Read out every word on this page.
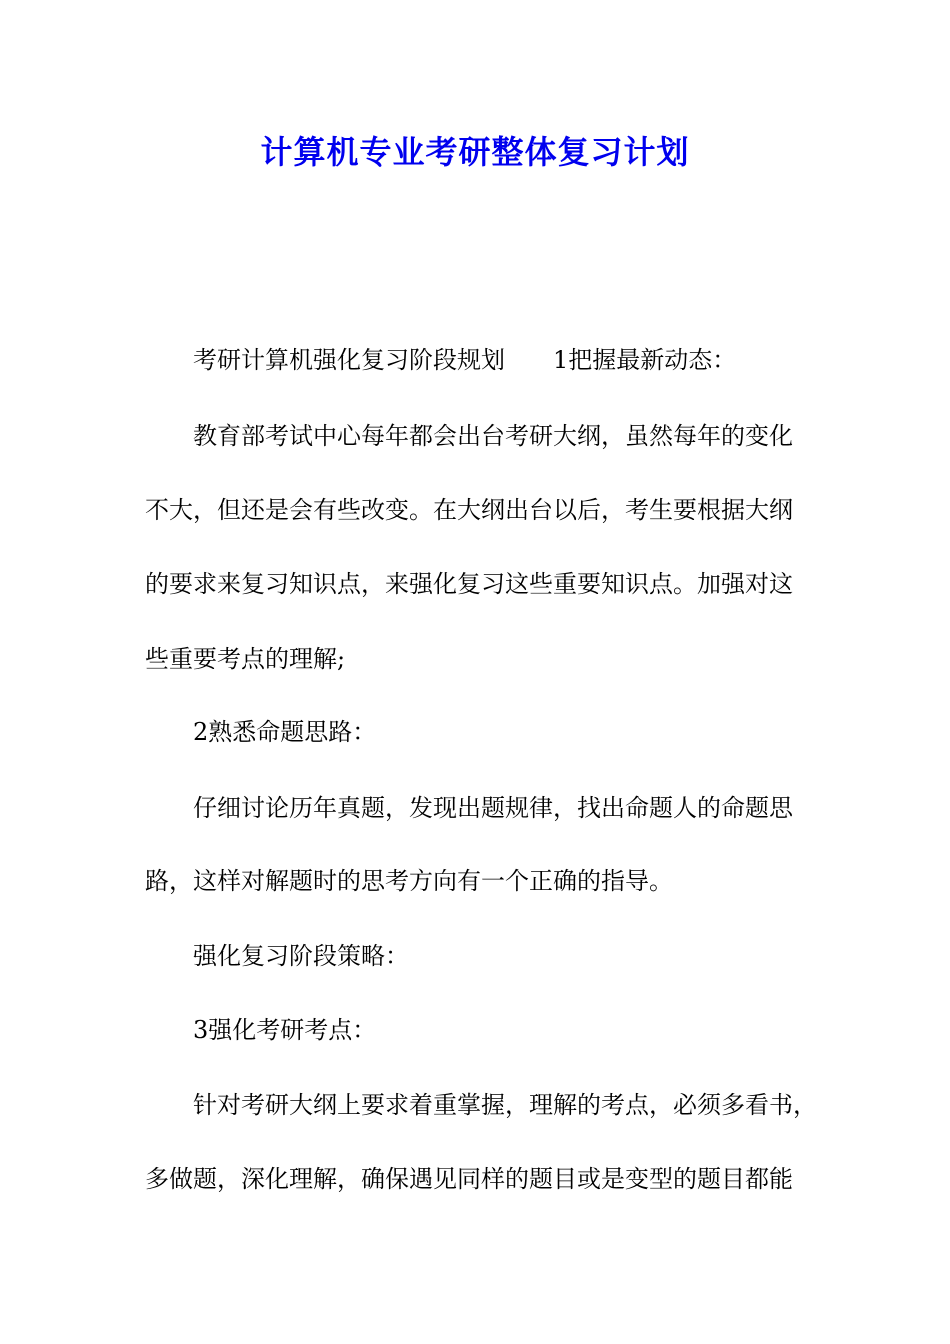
计算机专业考研整体复习计划
考研计算机强化复习阶段规划 1把握最新动态：
教育部考试中心每年都会出台考研大纲，虽然每年的变化
不大，但还是会有些改变。在大纲出台以后，考生要根据大纲
的要求来复习知识点，来强化复习这些重要知识点。加强对这
些重要考点的理解;
2熟悉命题思路：
仔细讨论历年真题，发现出题规律，找出命题人的命题思
路，这样对解题时的思考方向有一个正确的指导。
强化复习阶段策略：
3强化考研考点：
针对考研大纲上要求着重掌握，理解的考点，必须多看书，
多做题，深化理解，确保遇见同样的题目或是变型的题目都能
